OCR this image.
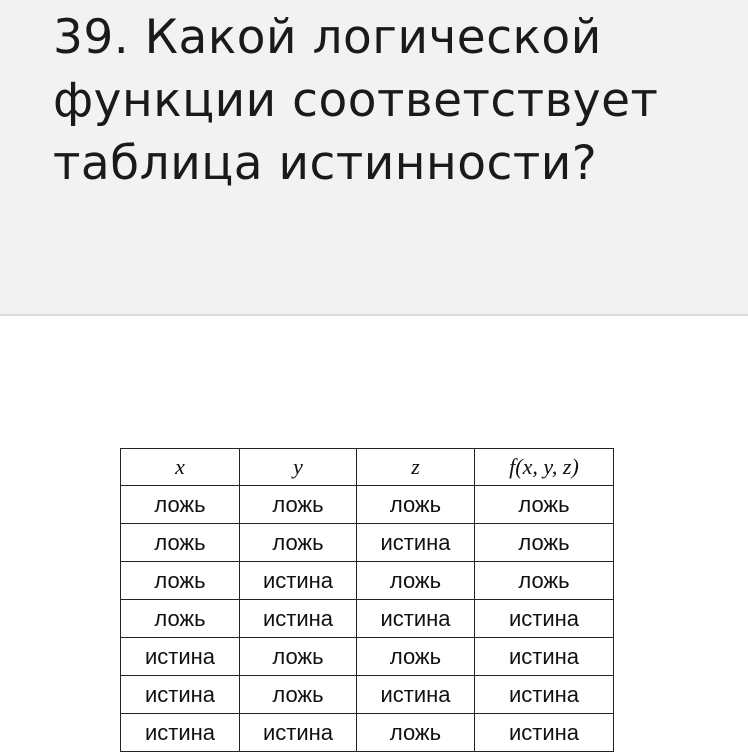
39. Какой логической функции соответствует таблица истинности?
x	y	z	f(x, y, z)
ложь	ложь	ложь	ложь
ложь	ложь	истина	ложь
ложь	истина	ложь	ложь
ложь	истина	истина	истина
истина	ложь	ложь	истина
истина	ложь	истина	истина
истина	истина	ложь	истина
